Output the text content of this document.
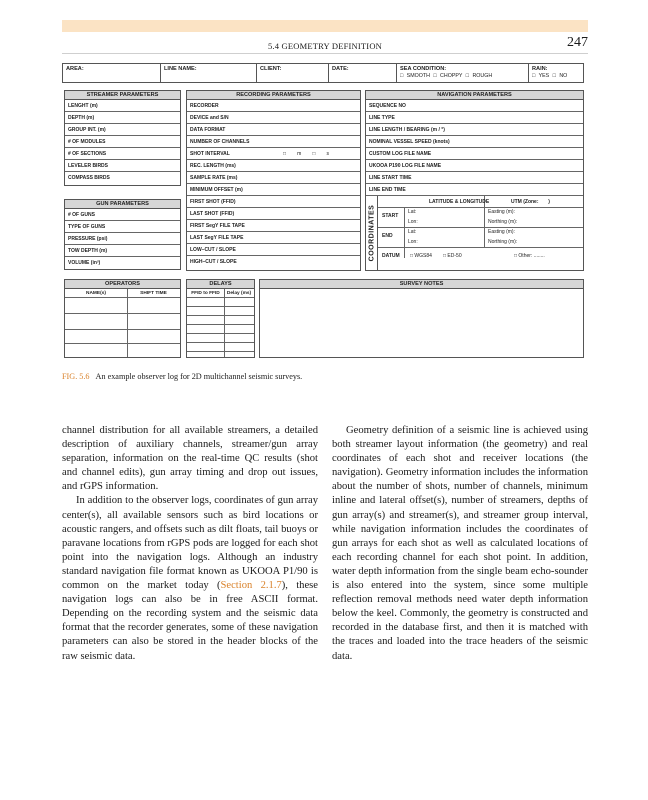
5.4 GEOMETRY DEFINITION	247
AREA:	LINE NAME:	CLIENT:	DATE:	SEA CONDITION:
□ SMOOTH □ CHOPPY □ ROUGH
RAIN:
□ YES □ NO
STREAMER PARAMETERS
LENGHT (m)
DEPTH (m)
GROUP INT. (m)
# OF MODULES
# OF SECTIONS
LEVELER BIRDS
COMPASS BIRDS
GUN PARAMETERS
# OF GUNS
TYPE OF GUNS
PRESSURE (psi)
TOW DEPTH (m)
VOLUME (in³)
RECORDING PARAMETERS
RECORDER
DEVICE and S/N
DATA FORMAT
NUMBER OF CHANNELS
SHOT INTERVAL	□        m        □        s
REC. LENGTH (ms)
SAMPLE RATE (ms)
MINIMUM OFFSET (m)
FIRST SHOT (FFID)
LAST SHOT (FFID)
FIRST SegY FILE TAPE
LAST SegY FILE TAPE
LOW–CUT / SLOPE
HIGH–CUT / SLOPE
NAVIGATION PARAMETERS
SEQUENCE NO
LINE TYPE
LINE LENGTH / BEARING (m / °)
NOMINAL VESSEL SPEED (knots)
CUSTOM LOG FILE NAME
UKOOA P190 LOG FILE NAME
LINE START TIME
LINE END TIME
COORDINATES
LATITUDE & LONGITUDE	UTM (Zone:       )
START
Lat:
Lon:
Easting (m):
Northing (m):
END
Lat:
Lon:
Easting (m):
Northing (m):
DATUM □ WGS84        □ ED-50	□ Other: ........
OPERATORS
NAME(s)	SHIFT TIME
DELAYS
FFID to FFID	Delay (ms)
SURVEY NOTES
FIG. 5.6 An example observer log for 2D multichannel seismic surveys.

channel distribution for all available streamers, a detailed description of auxiliary channels, streamer/gun array separation, information on the real-time QC results (shot and channel edits), gun array timing and drop out issues, and rGPS information.

In addition to the observer logs, coordinates of gun array center(s), all available sensors such as bird locations or acoustic rangers, and offsets such as dilt floats, tail buoys or paravane locations from rGPS pods are logged for each shot point into the navigation logs. Although an industry standard navigation file format known as UKOOA P1/90 is common on the market today (Section 2.1.7), these navigation logs can also be in free ASCII format. Depending on the recording system and the seismic data format that the recorder generates, some of these navigation parameters can also be stored in the header blocks of the raw seismic data.

Geometry definition of a seismic line is achieved using both streamer layout information (the geometry) and real coordinates of each shot and receiver locations (the navigation). Geometry information includes the information about the number of shots, number of channels, minimum inline and lateral offset(s), number of streamers, depths of gun array(s) and streamer(s), and streamer group interval, while navigation information includes the coordinates of gun arrays for each shot as well as calculated locations of each recording channel for each shot point. In addition, water depth information from the single beam echo-sounder is also entered into the system, since some multiple reflection removal methods need water depth information below the keel. Commonly, the geometry is constructed and recorded in the database first, and then it is matched with the traces and loaded into the trace headers of the seismic data.
